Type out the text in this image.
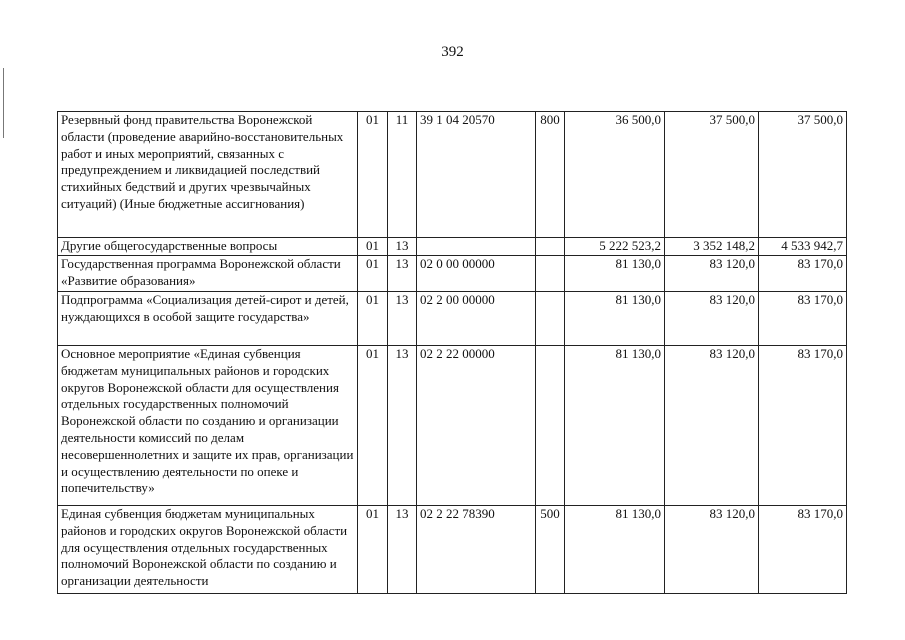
392
Резервный фонд правительства Воронежской области (проведение аварийно-восстановительных работ и иных мероприятий, связанных с предупреждением и ликвидацией последствий стихийных бедствий и других чрезвычайных ситуаций) (Иные бюджетные ассигнования)	01	11	39 1 04 20570	800	36 500,0	37 500,0	37 500,0
Другие общегосударственные вопросы	01	13			5 222 523,2	3 352 148,2	4 533 942,7
Государственная программа Воронежской области «Развитие образования»	01	13	02 0 00 00000		81 130,0	83 120,0	83 170,0
Подпрограмма «Социализация детей-сирот и детей, нуждающихся в особой защите государства»	01	13	02 2 00 00000		81 130,0	83 120,0	83 170,0
Основное мероприятие «Единая субвенция бюджетам муниципальных районов и городских округов Воронежской области для осуществления отдельных государственных полномочий Воронежской области по созданию и организации деятельности комиссий по делам несовершеннолетних и защите их прав, организации и осуществлению деятельности по опеке и попечительству»	01	13	02 2 22 00000		81 130,0	83 120,0	83 170,0
Единая субвенция бюджетам муниципальных районов и городских округов Воронежской области для осуществления отдельных государственных полномочий Воронежской области по созданию и организации деятельности	01	13	02 2 22 78390	500	81 130,0	83 120,0	83 170,0
